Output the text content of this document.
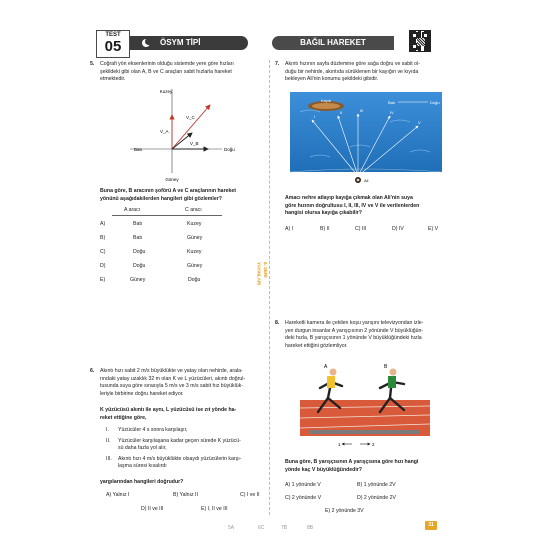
TEST
05	ÖSYM TİPİ	BAĞIL HAREKET
8. SERİ YAYINLARI
5.	Coğrafi yön eksenlerinin olduğu sistemde yere göre hızları
şekildeki gibi olan A, B ve C araçları sabit hızlarla hareket
etmektedir.
Kuzey
Güney
Batı	Doğu
V_A
V_B
V_C
Buna göre, B aracının şoförü A ve C araçlarının hareket
yönünü aşağıdakilerden hangileri gibi gözlemler?
A aracı	C aracı
A)	Batı	Kuzey
B)	Batı	Güney
C)	Doğu	Kuzey
D)	Doğu	Güney
E)	Güney	Doğu
6.	Akıntı hızı sabit 2 m/s büyüklükte ve yatay olan nehirde, arala-
rındaki yatay uzaklık 32 m olan K ve L yüzücüleri, akıntı doğrul-
tusunda suya göre sırasıyla 5 m/s ve 3 m/s sabit hız büyüklük-
leriyle birbirine doğru hareket ediyor.
K yüzücüsü akıntı ile aynı, L yüzücüsü ise zıt yönde ha-
reket ettiğine göre,
I.	Yüzücüler 4 s sonra karşılaşır,
II.	Yüzücüler karşılaşana kadar geçen sürede K yüzücü-
sü daha fazla yol alır,
III.	Akıntı hızı 4 m/s büyüklükte olsaydı yüzücülerin karşı-
laşma süresi kısalırdı
yargılarından hangileri doğrudur?
A) Yalnız I	B) Yalnız II	C) I ve II
D) II ve III	E) I, II ve III
7.	Akıntı hızının sayfa düzlemine göre sağa doğru ve sabit ol-
duğu bir nehirde, akıntıda sürüklenen bir kayığın ve kıyıda
bekleyen Ali'nin konumu şekildeki gibidir.
Kayık	Batı	Doğu
I
II	III	IV
V
Ali
Amacı nehre atlayıp kayığa çıkmak olan Ali'nin suya
göre hızının doğrultusu I, II, III, IV ve V ile verilenlerden
hangisi olursa kayığa çıkabilir?
A) I	B) II	C) III	D) IV	E) V
8.	Hareketli kamera ile çekilen koşu yarışını televizyondan izle-
yen durgun insanlar A yarışçısının 2 yönünde V büyüklüğün-
deki hızla, B yarışçısının 1 yönünde V büyüklüğündeki hızla
hareket ettiğini gözlemliyor.
A	B
1	2
Buna göre, B yarışçısının A yarışçısına göre hızı hangi
yönde kaç V büyüklüğündedir?
A) 1 yönünde V	B) 1 yönünde 2V
C) 2 yönünde V	D) 2 yönünde 2V
E) 2 yönünde 3V
5A	6C	7B	8B	31
